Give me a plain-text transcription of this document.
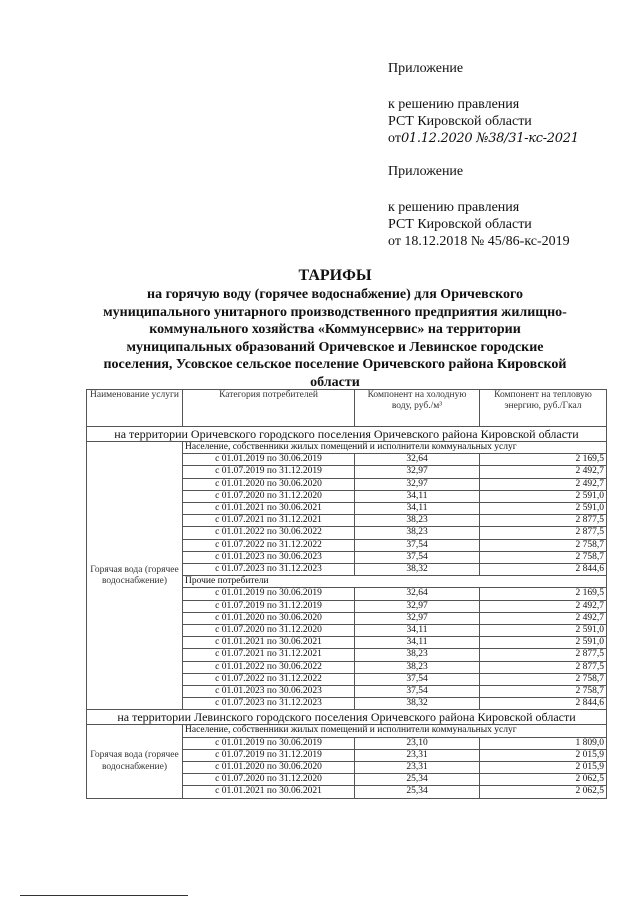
Приложение
к решению правления
РСТ Кировской области
от01.12.2020 №38/31-кс-2021
Приложение
к решению правления
РСТ Кировской области
от 18.12.2018 № 45/86-кс-2019
ТАРИФЫ
на горячую воду (горячее водоснабжение) для Оричевского
муниципального унитарного производственного предприятия жилищно-
коммунального хозяйства «Коммунсервис» на территории
муниципальных образований Оричевское и Левинское городские
поселения, Усовское сельское поселение Оричевского района Кировской
области
Наименование услуги	Категория потребителей	Компонент на холодную воду, руб./м³	Компонент на тепловую энергию, руб./Гкал
на территории Оричевского городского поселения Оричевского района Кировской области			
Горячая вода (горячее водоснабжение)	Население, собственники жилых помещений и исполнители коммунальных услуг		
	с 01.01.2019 по 30.06.2019	32,64	2 169,5
	с 01.07.2019 по 31.12.2019	32,97	2 492,7
	с 01.01.2020 по 30.06.2020	32,97	2 492,7
	с 01.07.2020 по 31.12.2020	34,11	2 591,0
	с 01.01.2021 по 30.06.2021	34,11	2 591,0
	с 01.07.2021 по 31.12.2021	38,23	2 877,5
	с 01.01.2022 по 30.06.2022	38,23	2 877,5
	с 01.07.2022 по 31.12.2022	37,54	2 758,7
	с 01.01.2023 по 30.06.2023	37,54	2 758,7
	с 01.07.2023 по 31.12.2023	38,32	2 844,6
	Прочие потребители		
	с 01.01.2019 по 30.06.2019	32,64	2 169,5
	с 01.07.2019 по 31.12.2019	32,97	2 492,7
	с 01.01.2020 по 30.06.2020	32,97	2 492,7
	с 01.07.2020 по 31.12.2020	34,11	2 591,0
	с 01.01.2021 по 30.06.2021	34,11	2 591,0
	с 01.07.2021 по 31.12.2021	38,23	2 877,5
	с 01.01.2022 по 30.06.2022	38,23	2 877,5
	с 01.07.2022 по 31.12.2022	37,54	2 758,7
	с 01.01.2023 по 30.06.2023	37,54	2 758,7
	с 01.07.2023 по 31.12.2023	38,32	2 844,6
на территории Левинского городского поселения Оричевского района Кировской области			
Горячая вода (горячее водоснабжение)	Население, собственники жилых помещений и исполнители коммунальных услуг		
	с 01.01.2019 по 30.06.2019	23,10	1 809,0
	с 01.07.2019 по 31.12.2019	23,31	2 015,9
	с 01.01.2020 по 30.06.2020	23,31	2 015,9
	с 01.07.2020 по 31.12.2020	25,34	2 062,5
	с 01.01.2021 по 30.06.2021	25,34	2 062,5
